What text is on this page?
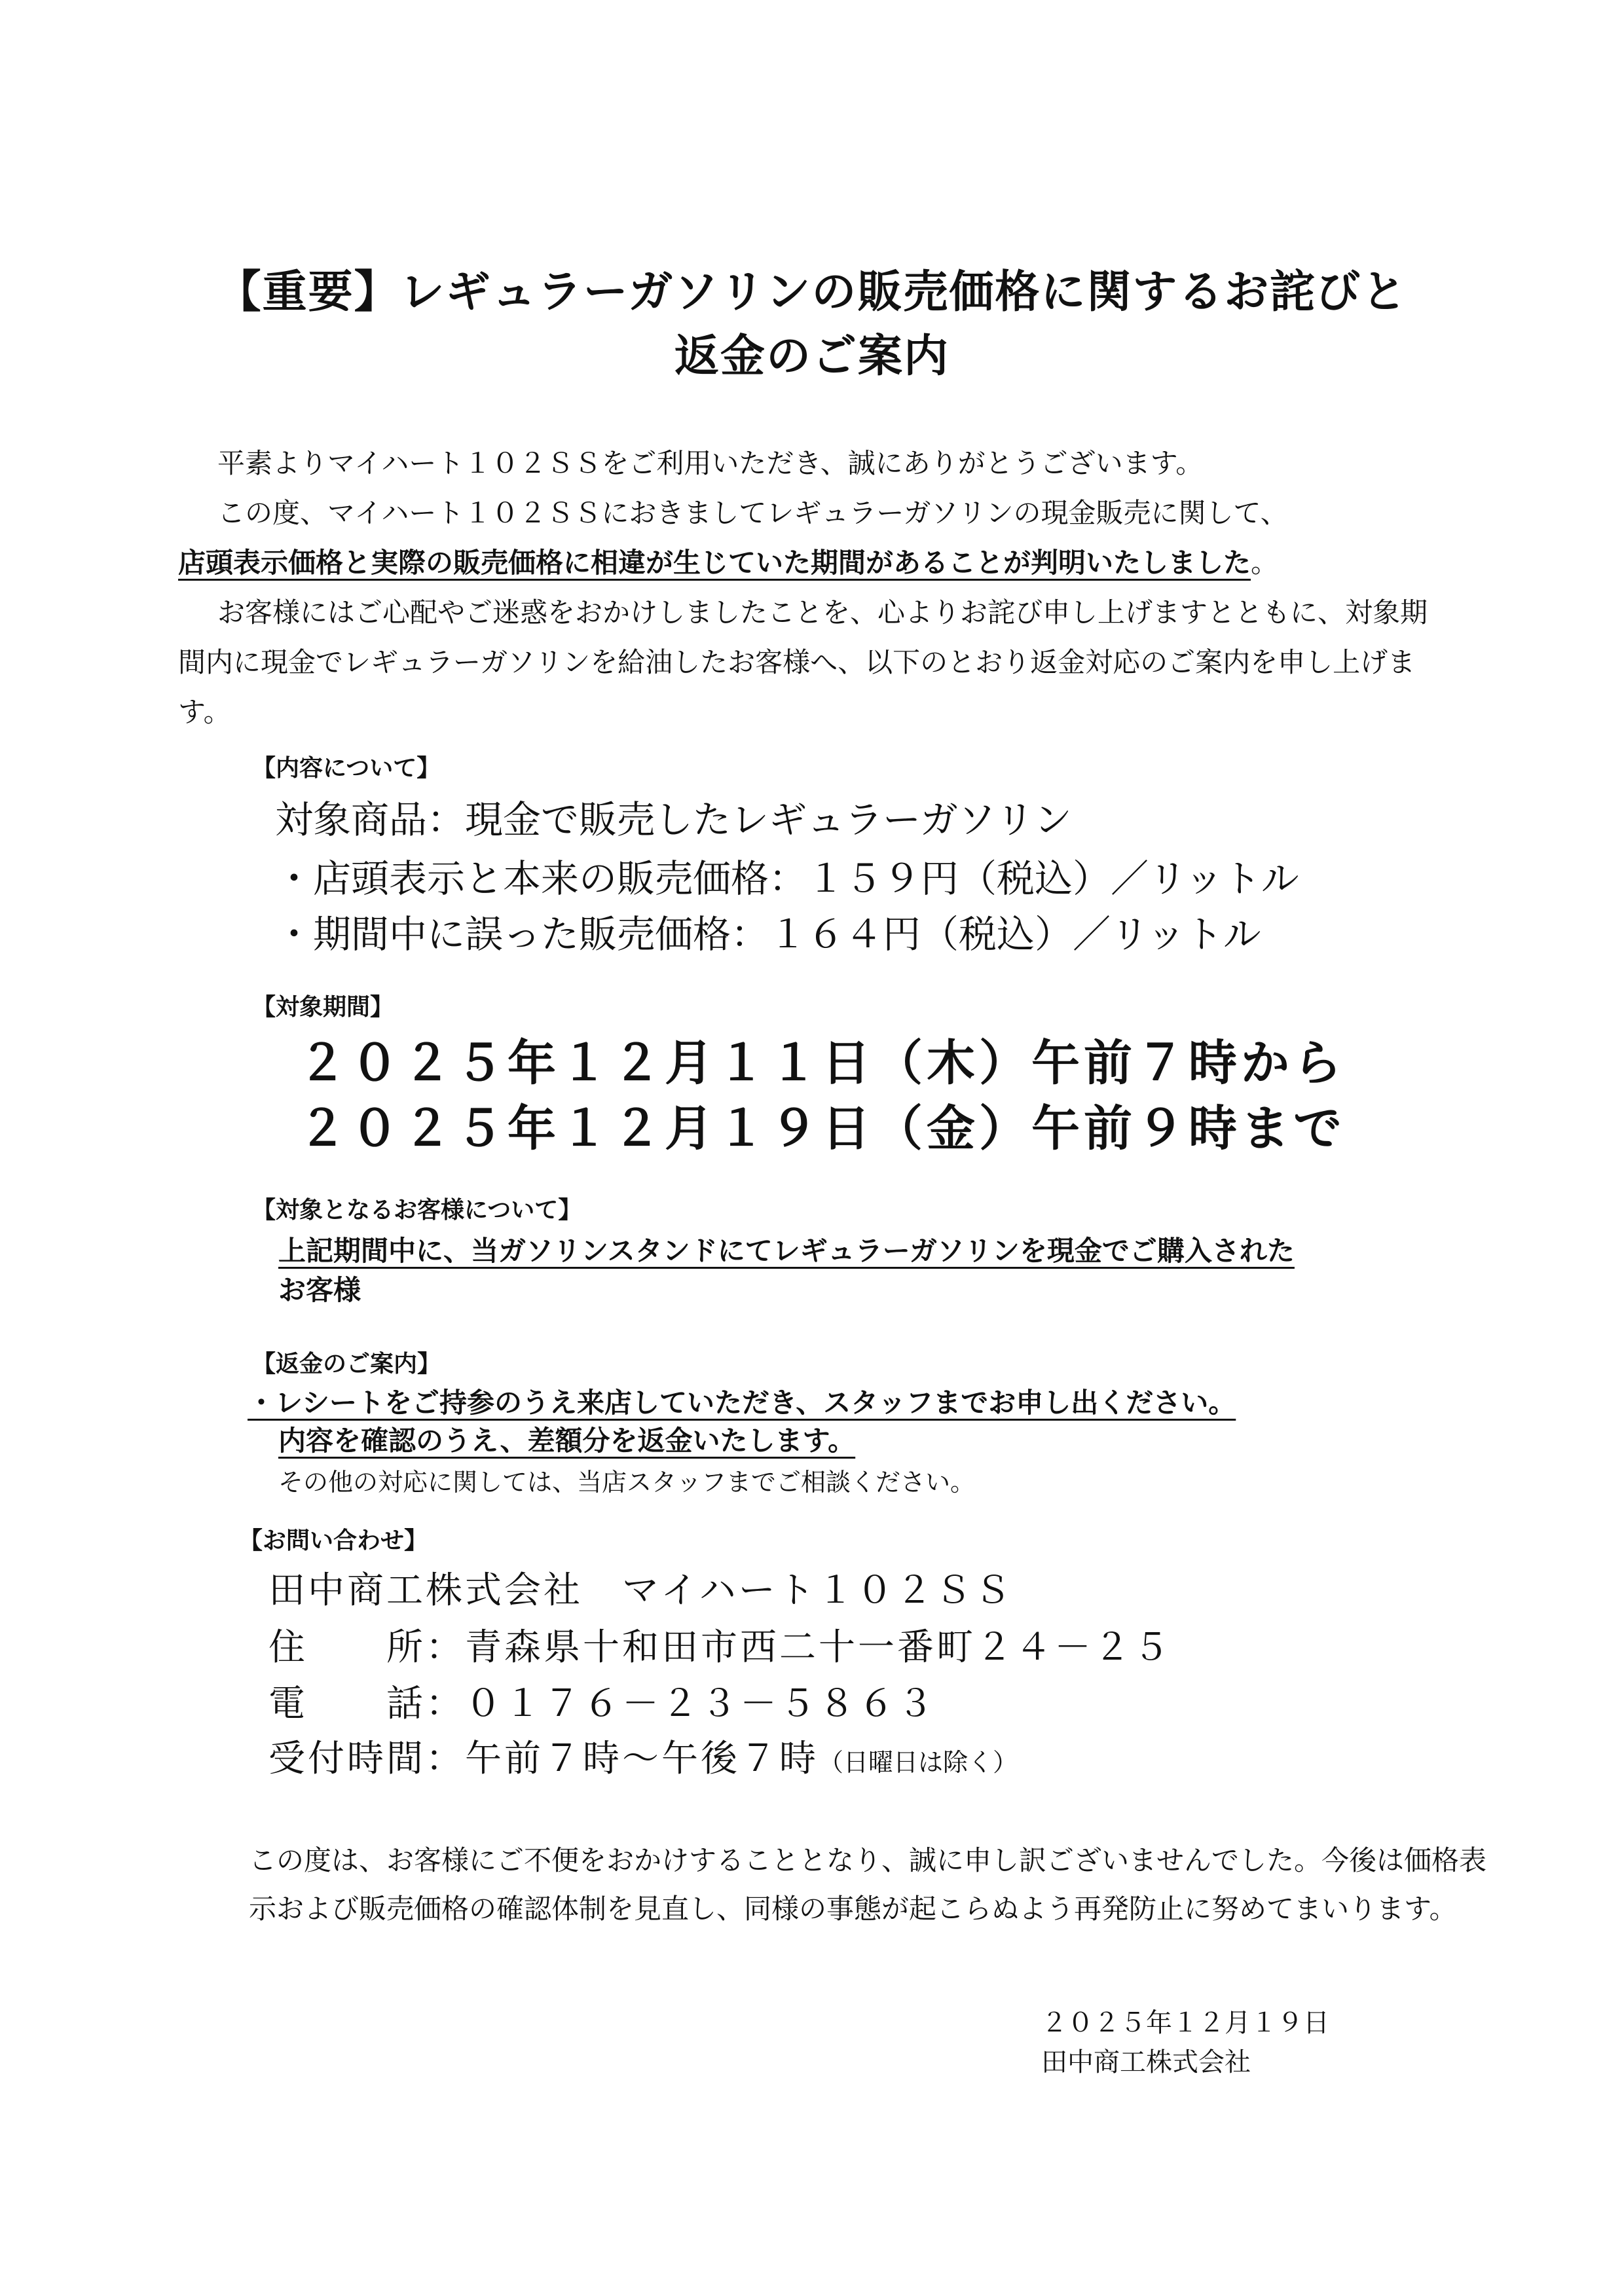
【重要】レギュラーガソリンの販売価格に関するお詫びと
返金のご案内

平素よりマイハート１０２ＳＳをご利用いただき、誠にありがとうございます。

この度、マイハート１０２ＳＳにおきましてレギュラーガソリンの現金販売に関して、

店頭表示価格と実際の販売価格に相違が生じていた期間があることが判明いたしました。

お客様にはご心配やご迷惑をおかけしましたことを、心よりお詫び申し上げますとともに、対象期間内に現金でレギュラーガソリンを給油したお客様へ、以下のとおり返金対応のご案内を申し上げます。

【内容について】
対象商品：現金で販売したレギュラーガソリン
・店頭表示と本来の販売価格：１５９円（税込）／リットル
・期間中に誤った販売価格：１６４円（税込）／リットル
【対象期間】
２０２５年１２月１１日（木）午前７時から
２０２５年１２月１９日（金）午前９時まで
【対象となるお客様について】
上記期間中に、当ガソリンスタンドにてレギュラーガソリンを現金でご購入された
お客様
【返金のご案内】
・レシートをご持参のうえ来店していただき、スタッフまでお申し出ください。
内容を確認のうえ、差額分を返金いたします。
その他の対応に関しては、当店スタッフまでご相談ください。
【お問い合わせ】
田中商工株式会社　マイハート１０２ＳＳ
住　　所：青森県十和田市西二十一番町２４－２５
電　　話：０１７６－２３－５８６３
受付時間：午前７時～午後７時（日曜日は除く）

この度は、お客様にご不便をおかけすることとなり、誠に申し訳ございませんでした。今後は価格表示および販売価格の確認体制を見直し、同様の事態が起こらぬよう再発防止に努めてまいります。

２０２５年１２月１９日
田中商工株式会社
